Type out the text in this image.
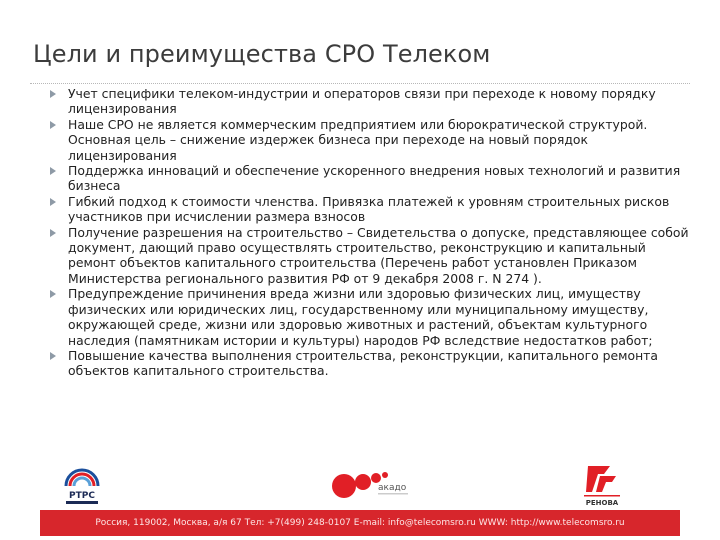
Цели и преимущества СРО Телеком
Учет специфики телеком-индустрии и операторов связи при переходе к новому порядку лицензирования
Наше СРО не является коммерческим предприятием или бюрократической структурой. Основная цель – снижение издержек бизнеса при переходе на новый порядок лицензирования
Поддержка инноваций и обеспечение ускоренного внедрения новых технологий и развития бизнеса
Гибкий подход к стоимости членства. Привязка платежей к уровням строительных рисков участников при исчислении размера взносов
Получение разрешения на строительство – Свидетельства о допуске, представляющее собой документ, дающий право осуществлять строительство, реконструкцию и капитальный ремонт объектов капитального строительства (Перечень работ установлен Приказом Министерства регионального развития РФ от 9 декабря 2008 г. N 274 ).
Предупреждение причинения вреда жизни или здоровью физических лиц, имуществу физических или юридических лиц, государственному или муниципальному имуществу, окружающей среде, жизни или здоровью животных и растений, объектам культурного наследия (памятникам истории и культуры) народов РФ вследствие недостатков работ;
Повышение качества выполнения строительства, реконструкции, капитального ремонта объектов капитального строительства.
РТРС
акадо
РЕНОВА
Россия, 119002, Москва, а/я 67 Тел: +7(499) 248-0107 E-mail: info@telecomsro.ru WWW: http://www.telecomsro.ru
